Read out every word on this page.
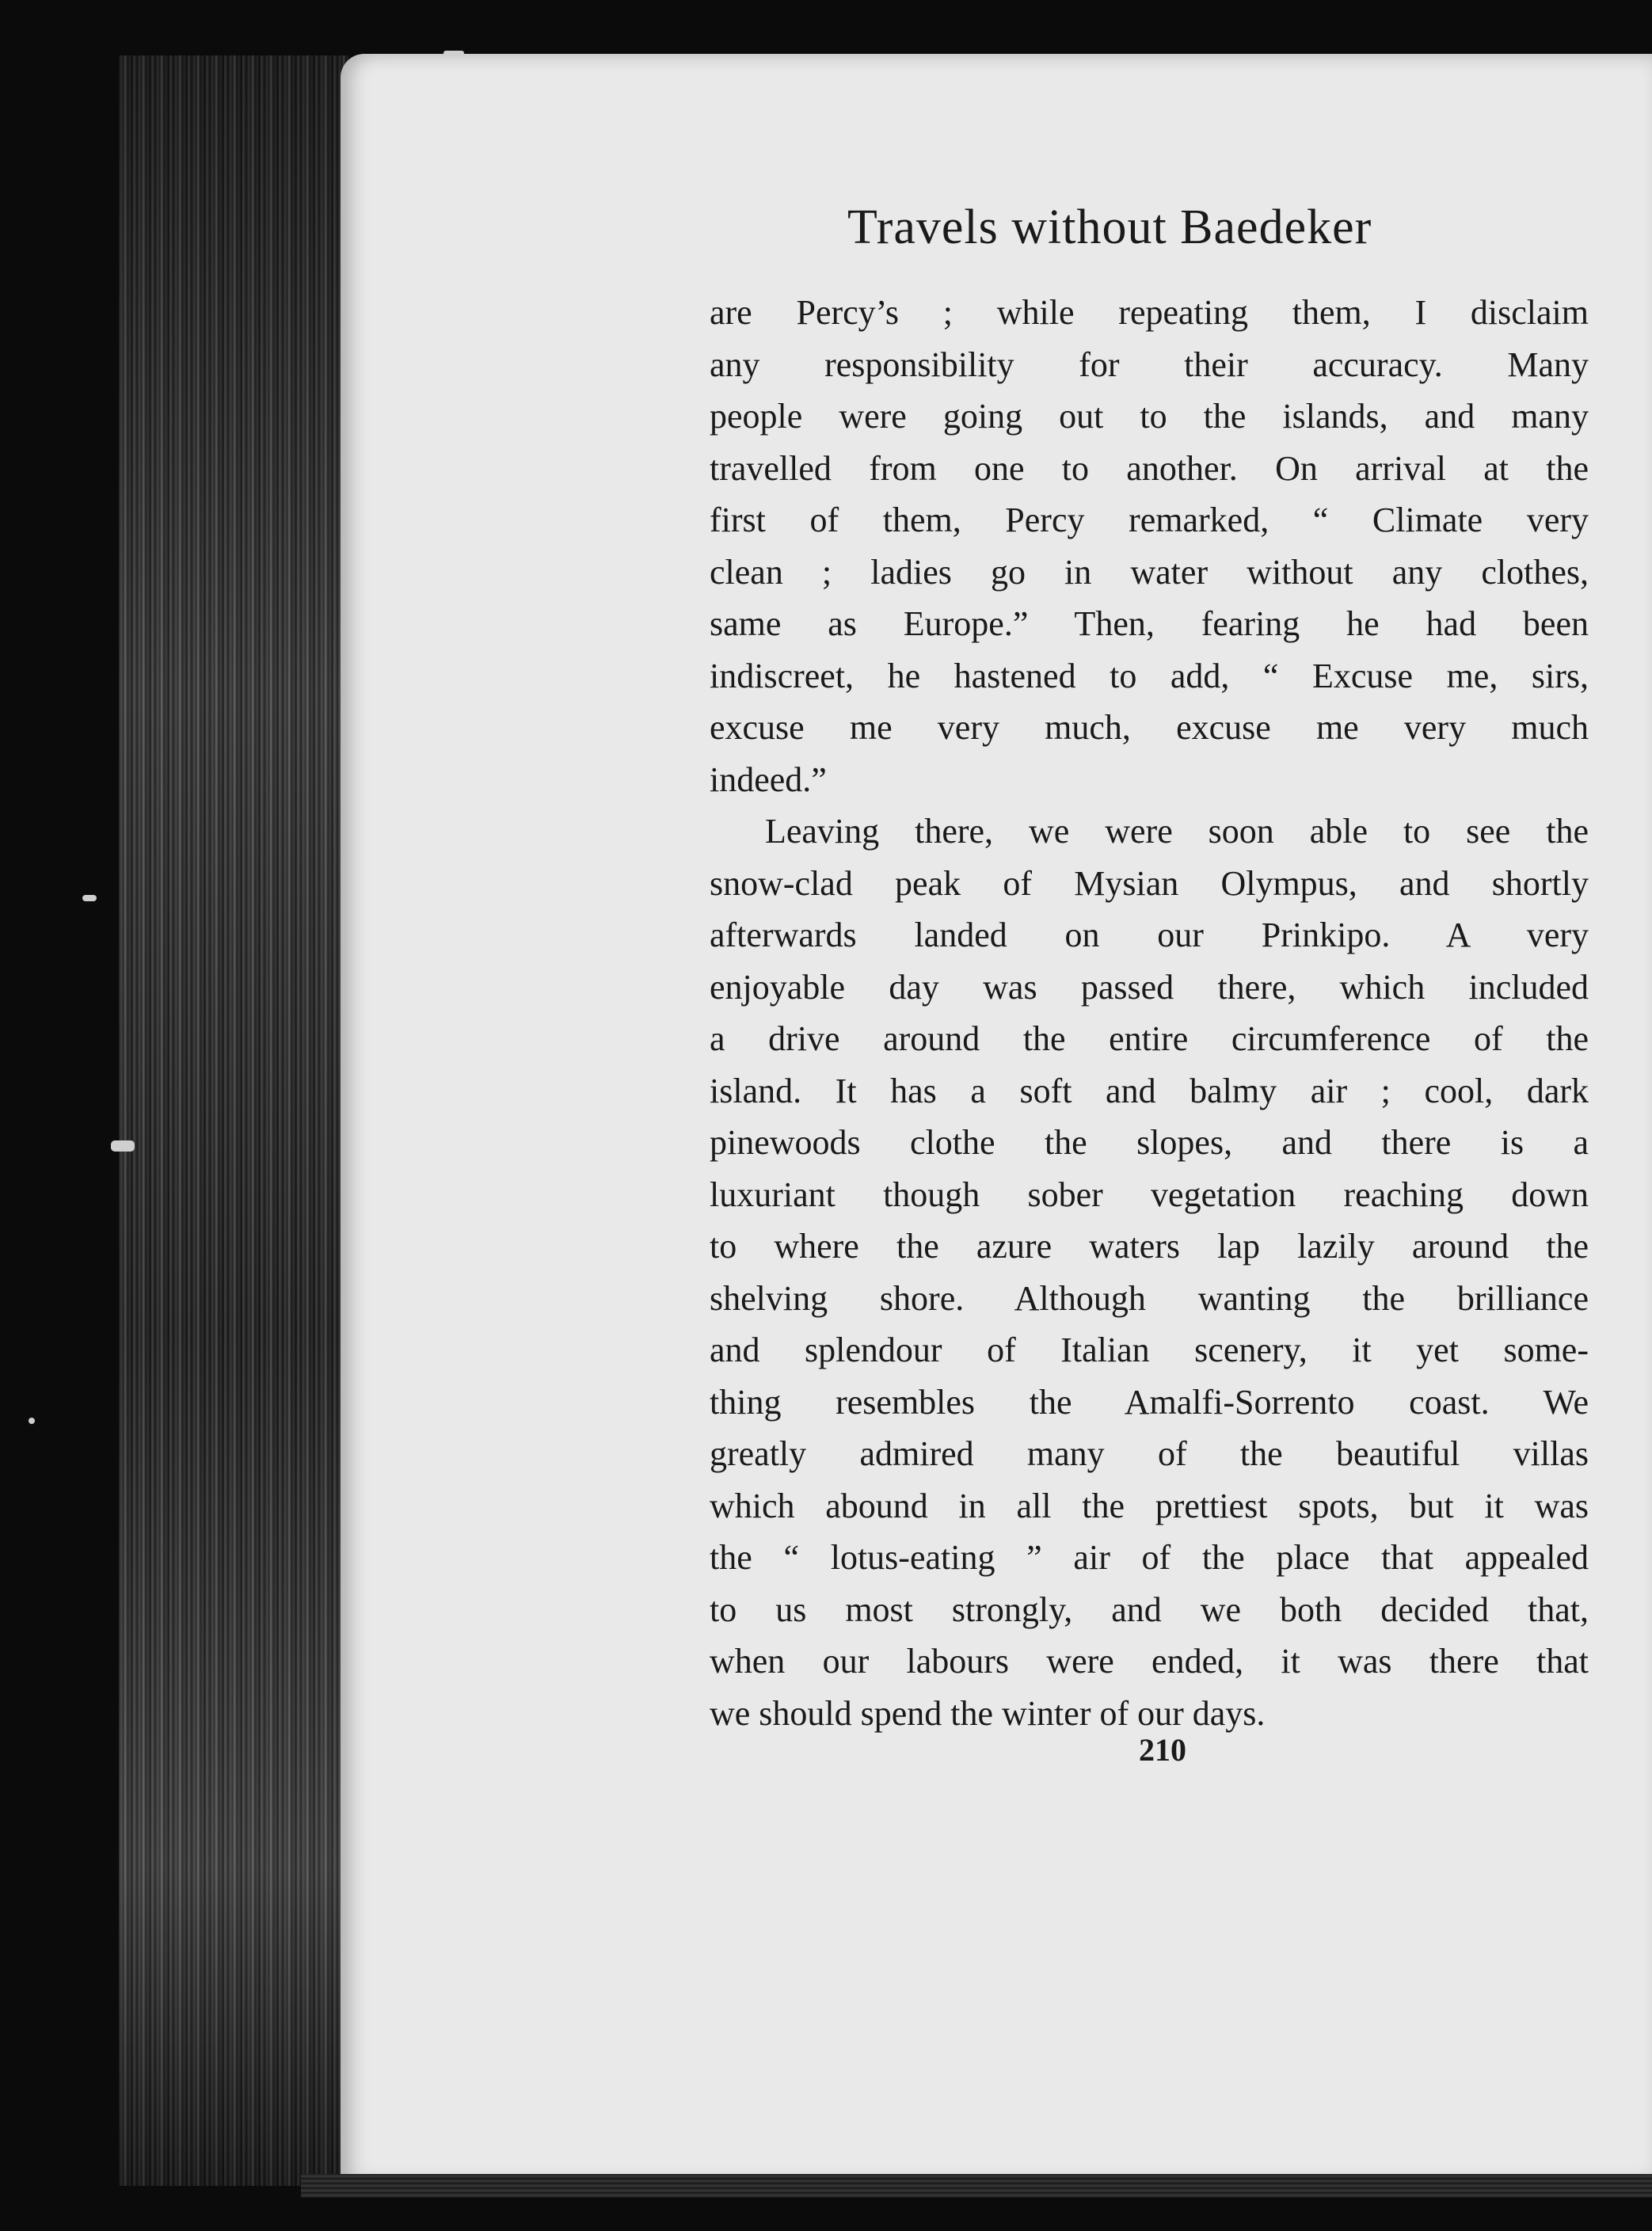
Travels without Baedeker
are Percy’s ; while repeating them, I disclaim
any responsibility for their accuracy. Many
people were going out to the islands, and many
travelled from one to another. On arrival at the
first of them, Percy remarked, “ Climate very
clean ; ladies go in water without any clothes,
same as Europe.” Then, fearing he had been
indiscreet, he hastened to add, “ Excuse me, sirs,
excuse me very much, excuse me very much
indeed.”
Leaving there, we were soon able to see the
snow-clad peak of Mysian Olympus, and shortly
afterwards landed on our Prinkipo. A very
enjoyable day was passed there, which included
a drive around the entire circumference of the
island. It has a soft and balmy air ; cool, dark
pinewoods clothe the slopes, and there is a
luxuriant though sober vegetation reaching down
to where the azure waters lap lazily around the
shelving shore. Although wanting the brilliance
and splendour of Italian scenery, it yet some-
thing resembles the Amalfi-Sorrento coast. We
greatly admired many of the beautiful villas
which abound in all the prettiest spots, but it was
the “ lotus-eating ” air of the place that appealed
to us most strongly, and we both decided that,
when our labours were ended, it was there that
we should spend the winter of our days.
210
